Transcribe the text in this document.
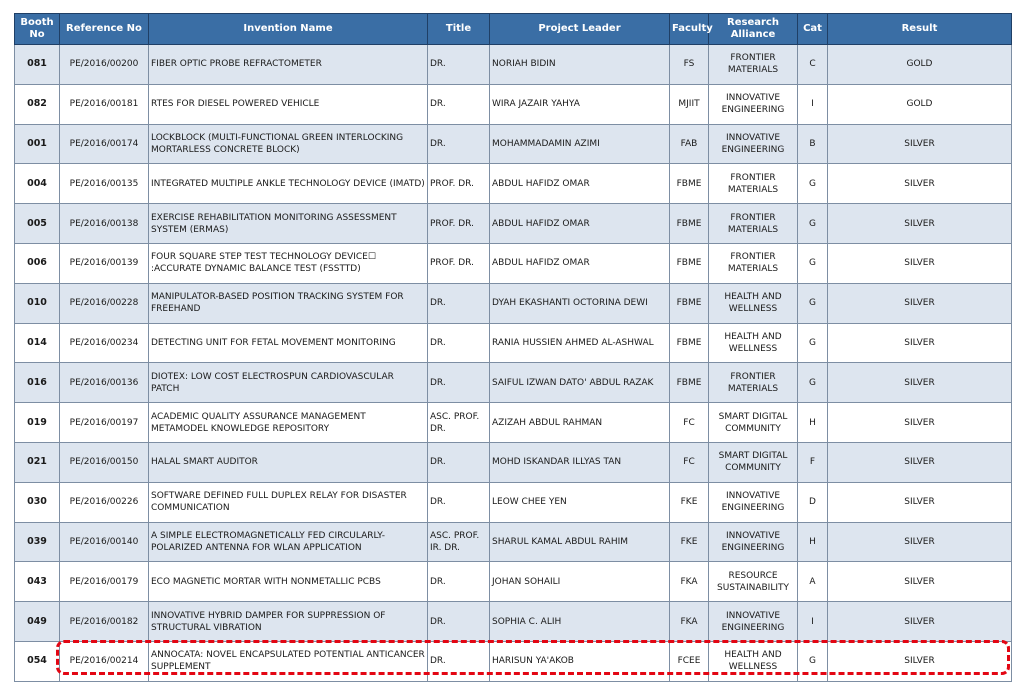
Booth No	Reference No	Invention Name	Title	Project Leader	Faculty	Research Alliance	Cat	Result
081	PE/2016/00200	FIBER OPTIC PROBE REFRACTOMETER	DR.	NORIAH BIDIN	FS	FRONTIER MATERIALS	C	GOLD
082	PE/2016/00181	RTES FOR DIESEL POWERED VEHICLE	DR.	WIRA JAZAIR YAHYA	MJIIT	INNOVATIVE ENGINEERING	I	GOLD
001	PE/2016/00174	LOCKBLOCK (MULTI-FUNCTIONAL GREEN INTERLOCKING MORTARLESS CONCRETE BLOCK)	DR.	MOHAMMADAMIN AZIMI	FAB	INNOVATIVE ENGINEERING	B	SILVER
004	PE/2016/00135	INTEGRATED MULTIPLE ANKLE TECHNOLOGY DEVICE (IMATD)	PROF. DR.	ABDUL HAFIDZ OMAR	FBME	FRONTIER MATERIALS	G	SILVER
005	PE/2016/00138	EXERCISE REHABILITATION MONITORING ASSESSMENT SYSTEM (ERMAS)	PROF. DR.	ABDUL HAFIDZ OMAR	FBME	FRONTIER MATERIALS	G	SILVER
006	PE/2016/00139	FOUR SQUARE STEP TEST TECHNOLOGY DEVICE☐ :ACCURATE DYNAMIC BALANCE TEST (FSSTTD)	PROF. DR.	ABDUL HAFIDZ OMAR	FBME	FRONTIER MATERIALS	G	SILVER
010	PE/2016/00228	MANIPULATOR-BASED POSITION TRACKING SYSTEM FOR FREEHAND	DR.	DYAH EKASHANTI OCTORINA DEWI	FBME	HEALTH AND WELLNESS	G	SILVER
014	PE/2016/00234	DETECTING UNIT FOR FETAL MOVEMENT MONITORING	DR.	RANIA HUSSIEN AHMED AL-ASHWAL	FBME	HEALTH AND WELLNESS	G	SILVER
016	PE/2016/00136	DIOTEX: LOW COST ELECTROSPUN CARDIOVASCULAR PATCH	DR.	SAIFUL IZWAN DATO' ABDUL RAZAK	FBME	FRONTIER MATERIALS	G	SILVER
019	PE/2016/00197	ACADEMIC QUALITY ASSURANCE MANAGEMENT METAMODEL KNOWLEDGE REPOSITORY	ASC. PROF. DR.	AZIZAH ABDUL RAHMAN	FC	SMART DIGITAL COMMUNITY	H	SILVER
021	PE/2016/00150	HALAL SMART AUDITOR	DR.	MOHD ISKANDAR ILLYAS TAN	FC	SMART DIGITAL COMMUNITY	F	SILVER
030	PE/2016/00226	SOFTWARE DEFINED FULL DUPLEX RELAY FOR DISASTER COMMUNICATION	DR.	LEOW CHEE YEN	FKE	INNOVATIVE ENGINEERING	D	SILVER
039	PE/2016/00140	A SIMPLE ELECTROMAGNETICALLY FED CIRCULARLY-POLARIZED ANTENNA FOR WLAN APPLICATION	ASC. PROF. IR. DR.	SHARUL KAMAL ABDUL RAHIM	FKE	INNOVATIVE ENGINEERING	H	SILVER
043	PE/2016/00179	ECO MAGNETIC MORTAR WITH NONMETALLIC PCBS	DR.	JOHAN SOHAILI	FKA	RESOURCE SUSTAINABILITY	A	SILVER
049	PE/2016/00182	INNOVATIVE HYBRID DAMPER FOR SUPPRESSION OF STRUCTURAL VIBRATION	DR.	SOPHIA C. ALIH	FKA	INNOVATIVE ENGINEERING	I	SILVER
054	PE/2016/00214	ANNOCATA: NOVEL ENCAPSULATED POTENTIAL ANTICANCER SUPPLEMENT	DR.	HARISUN YA'AKOB	FCEE	HEALTH AND WELLNESS	G	SILVER
